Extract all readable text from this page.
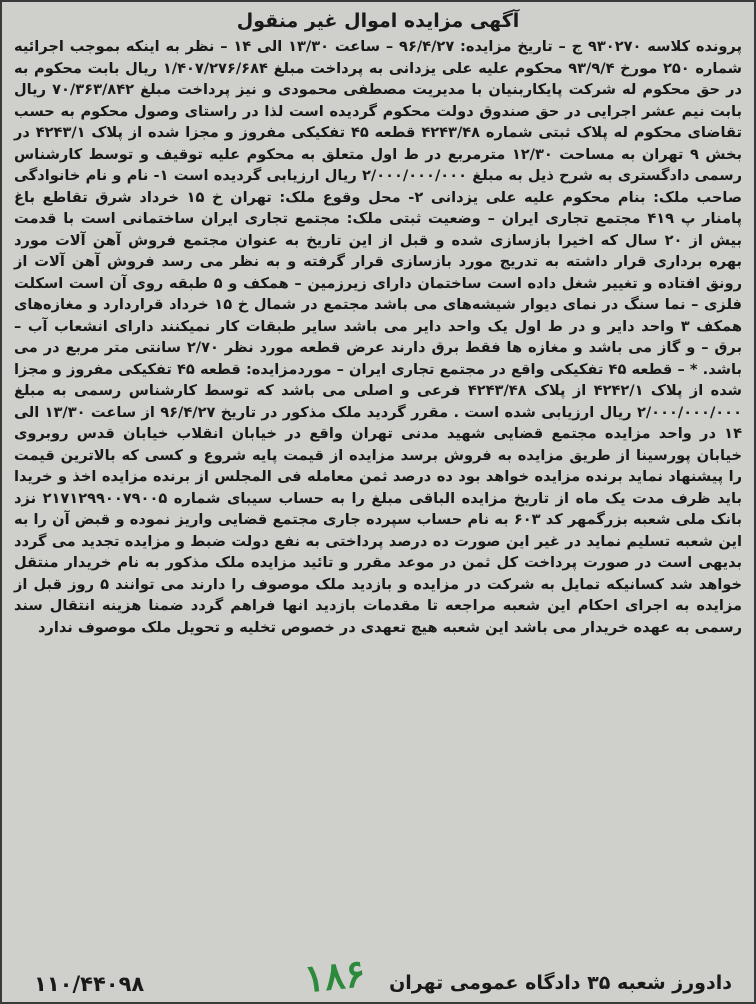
آگهی مزایده اموال غیر منقول

پرونده کلاسه ۹۳۰۲۷۰ ج – تاریخ مزایده: ۹۶/۴/۲۷ – ساعت ۱۳/۳۰ الی ۱۴ – نظر به اینکه بموجب اجرائیه شماره ۲۵۰ مورخ ۹۳/۹/۴ محکوم علیه علی یزدانی به پرداخت مبلغ ۱/۴۰۷/۲۷۶/۶۸۴ ریال بابت محکوم به در حق محکوم له شرکت پایکاربنیان با مدیریت مصطفی محمودی و نیز پرداخت مبلغ ۷۰/۳۶۳/۸۴۲ ریال بابت نیم عشر اجرایی در حق صندوق دولت محکوم گردیده است لذا در راستای وصول محکوم به حسب تقاضای محکوم له پلاک ثبتی شماره ۴۲۴۳/۴۸ قطعه ۴۵ تفکیکی مفروز و مجزا شده از پلاک ۴۲۴۳/۱ در بخش ۹ تهران به مساحت ۱۲/۳۰ مترمربع در ط اول متعلق به محکوم علیه توقیف و توسط کارشناس رسمی دادگستری به شرح ذیل به مبلغ ۲/۰۰۰/۰۰۰/۰۰۰ ریال ارزیابی گردیده است ۱- نام و نام خانوادگی صاحب ملک: بنام محکوم علیه علی یزدانی ۲- محل وقوع ملک: تهران خ ۱۵ خرداد شرق تقاطع باغ پامنار پ ۴۱۹ مجتمع تجاری ایران – وضعیت ثبتی ملک: مجتمع تجاری ایران ساختمانی است با قدمت بیش از ۲۰ سال که اخیرا بازسازی شده و قبل از این تاریخ به عنوان مجتمع فروش آهن آلات مورد بهره برداری قرار داشته به تدریج مورد بازسازی قرار گرفته و به نظر می رسد فروش آهن آلات از رونق افتاده و تغییر شغل داده است ساختمان دارای زیرزمین – همکف و ۵ طبقه روی آن است اسکلت فلزی – نما سنگ در نمای دیوار شیشه‌های می باشد مجتمع در شمال خ ۱۵ خرداد قراردارد و مغازه‌های همکف ۳ واحد دایر و در ط اول یک واحد دایر می باشد سایر طبقات کار نمیکنند دارای انشعاب آب – برق – و گاز می باشد و مغازه ها فقط برق دارند عرض قطعه مورد نظر ۲/۷۰ سانتی متر مربع در می باشد. * – قطعه ۴۵ تفکیکی واقع در مجتمع تجاری ایران – موردمزایده: قطعه ۴۵ تفکیکی مفروز و مجزا شده از پلاک ۴۲۴۲/۱ از پلاک ۴۲۴۳/۴۸ فرعی و اصلی می باشد که توسط کارشناس رسمی به مبلغ ۲/۰۰۰/۰۰۰/۰۰۰ ریال ارزیابی شده است . مقرر گردید ملک مذکور در تاریخ ۹۶/۴/۲۷ از ساعت ۱۳/۳۰ الی ۱۴ در واحد مزایده مجتمع قضایی شهید مدنی تهران واقع در خیابان انقلاب خیابان قدس روبروی خیابان پورسینا از طریق مزایده به فروش برسد مزایده از قیمت پایه شروع و کسی که بالاترین قیمت را پیشنهاد نماید برنده مزایده خواهد بود ده درصد ثمن معامله فی المجلس از برنده مزایده اخذ و خریدا باید ظرف مدت یک ماه از تاریخ مزایده الباقی مبلغ را به حساب سیبای شماره ۲۱۷۱۲۹۹۰۰۷۹۰۰۵ نزد بانک ملی شعبه بزرگمهر کد ۶۰۳ به نام حساب سپرده جاری مجتمع قضایی واریز نموده و قبض آن را به این شعبه تسلیم نماید در غیر این صورت ده درصد پرداختی به نفع دولت ضبط و مزایده تجدید می گردد بدیهی است در صورت پرداخت کل ثمن در موعد مقرر و تائید مزایده ملک مذکور به نام خریدار منتقل خواهد شد کسانیکه تمایل به شرکت در مزایده و بازدید ملک موصوف را دارند می توانند ۵ روز قبل از مزایده به اجرای احکام این شعبه مراجعه تا مقدمات بازدید انها فراهم گردد ضمنا هزینه انتقال سند رسمی به عهده خریدار می باشد این شعبه هیچ تعهدی در خصوص تخلیه و تحویل ملک موصوف ندارد

۱۱۰/۴۴۰۹۸	۱۸۶ دادورز شعبه ۳۵ دادگاه عمومی تهران
